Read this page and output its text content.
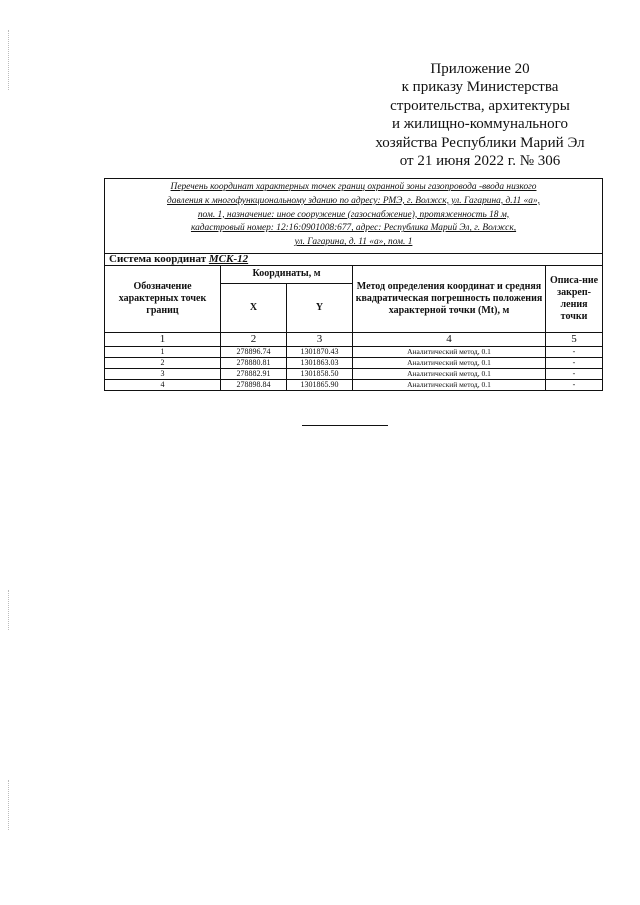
Приложение 20
к приказу Министерства
строительства, архитектуры
и жилищно-коммунального
хозяйства Республики Марий Эл
от 21 июня 2022 г. № 306
Перечень координат характерных точек границ охранной зоны газопровода -ввода низкого
давления к многофункциональному зданию по адресу: РМЭ, г. Волжск, ул. Гагарина, д.11 «а»,
пом. 1, назначение: иное сооружение (газоснабжение), протяженность 18 м,
кадастровый номер: 12:16:0901008:677, адрес: Республика Марий Эл, г. Волжск,
ул. Гагарина, д. 11 «а», пом. 1				
Система координат МСК-12				
Обозначение характерных точек границ	Координаты, м		Метод определения координат и средняя квадратическая погрешность положения характерной точки (Mt), м	Описа-ние закреп-ления точки
	X	Y		
1	2	3	4	5
1	278896.74	1301870.43	Аналитический метод, 0.1	-
2	278880.81	1301863.03	Аналитический метод, 0.1	-
3	278882.91	1301858.50	Аналитический метод, 0.1	-
4	278898.84	1301865.90	Аналитический метод, 0.1	-
